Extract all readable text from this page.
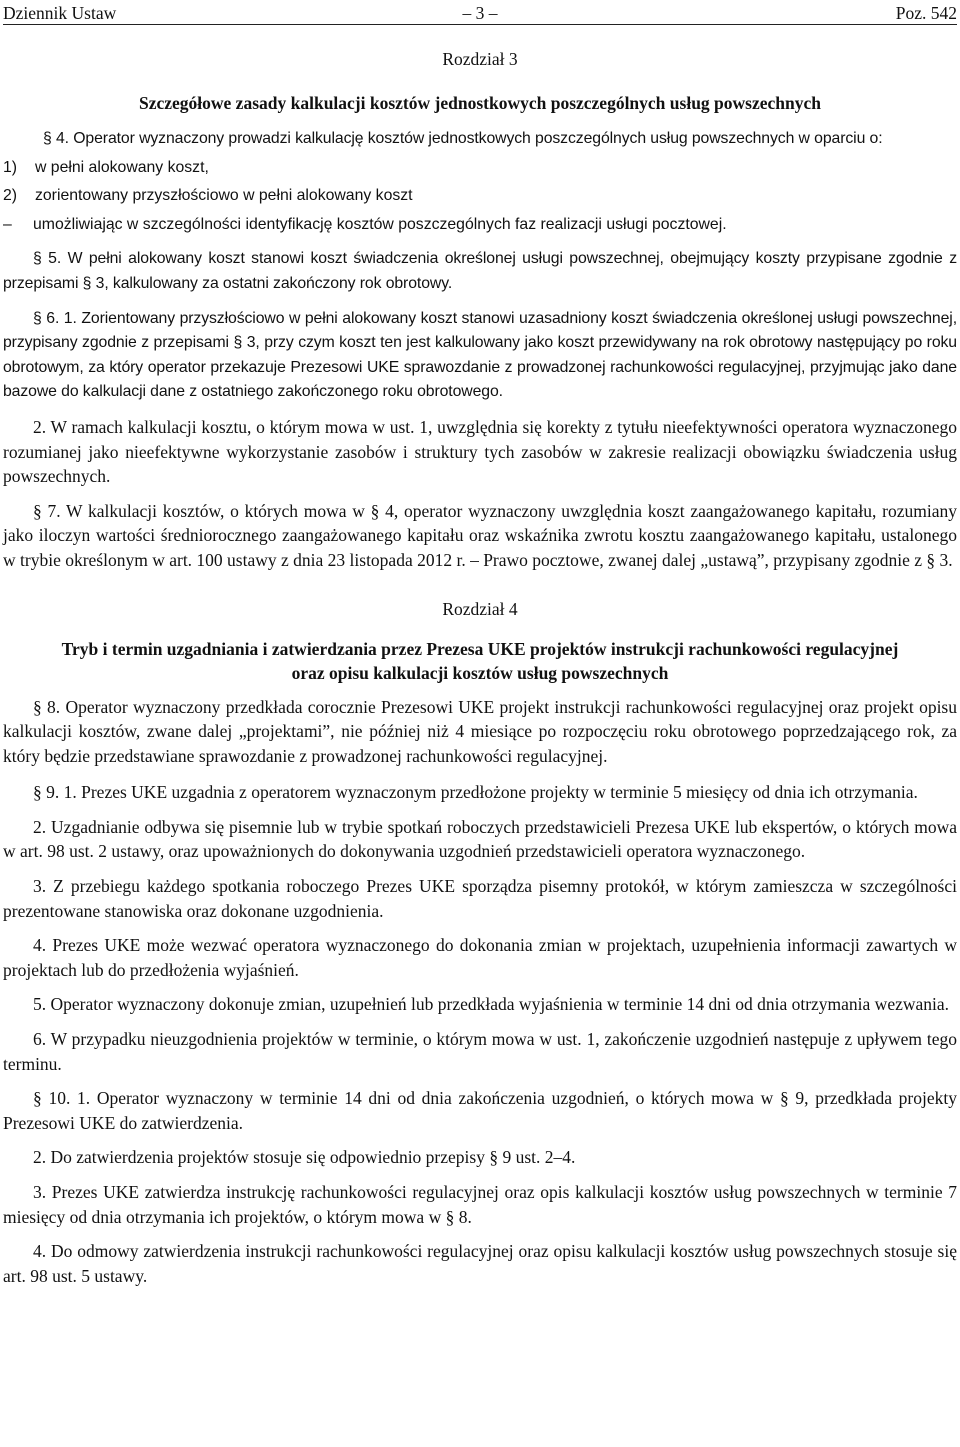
Dziennik Ustaw	– 3 –	Poz. 542
Rozdział 3
Szczegółowe zasady kalkulacji kosztów jednostkowych poszczególnych usług powszechnych

§ 4. Operator wyznaczony prowadzi kalkulację kosztów jednostkowych poszczególnych usług powszechnych w oparciu o:

1) w pełni alokowany koszt,
2) zorientowany przyszłościowo w pełni alokowany koszt
– umożliwiając w szczególności identyfikację kosztów poszczególnych faz realizacji usługi pocztowej.

§ 5. W pełni alokowany koszt stanowi koszt świadczenia określonej usługi powszechnej, obejmujący koszty przypisane zgodnie z przepisami § 3, kalkulowany za ostatni zakończony rok obrotowy.

§ 6. 1. Zorientowany przyszłościowo w pełni alokowany koszt stanowi uzasadniony koszt świadczenia określonej usługi powszechnej, przypisany zgodnie z przepisami § 3, przy czym koszt ten jest kalkulowany jako koszt przewidywany na rok obrotowy następujący po roku obrotowym, za który operator przekazuje Prezesowi UKE sprawozdanie z prowadzonej rachunkowości regulacyjnej, przyjmując jako dane bazowe do kalkulacji dane z ostatniego zakończonego roku obrotowego.

2. W ramach kalkulacji kosztu, o którym mowa w ust. 1, uwzględnia się korekty z tytułu nieefektywności operatora wyznaczonego rozumianej jako nieefektywne wykorzystanie zasobów i struktury tych zasobów w zakresie realizacji obowiązku świadczenia usług powszechnych.

§ 7. W kalkulacji kosztów, o których mowa w § 4, operator wyznaczony uwzględnia koszt zaangażowanego kapitału, rozumiany jako iloczyn wartości średniorocznego zaangażowanego kapitału oraz wskaźnika zwrotu kosztu zaangażowanego kapitału, ustalonego w trybie określonym w art. 100 ustawy z dnia 23 listopada 2012 r. – Prawo pocztowe, zwanej dalej „ustawą”, przypisany zgodnie z § 3.

Rozdział 4
Tryb i termin uzgadniania i zatwierdzania przez Prezesa UKE projektów instrukcji rachunkowości regulacyjnej
oraz opisu kalkulacji kosztów usług powszechnych

§ 8. Operator wyznaczony przedkłada corocznie Prezesowi UKE projekt instrukcji rachunkowości regulacyjnej oraz projekt opisu kalkulacji kosztów, zwane dalej „projektami”, nie później niż 4 miesiące po rozpoczęciu roku obrotowego poprzedzającego rok, za który będzie przedstawiane sprawozdanie z prowadzonej rachunkowości regulacyjnej.

§ 9. 1. Prezes UKE uzgadnia z operatorem wyznaczonym przedłożone projekty w terminie 5 miesięcy od dnia ich otrzymania.

2. Uzgadnianie odbywa się pisemnie lub w trybie spotkań roboczych przedstawicieli Prezesa UKE lub ekspertów, o których mowa w art. 98 ust. 2 ustawy, oraz upoważnionych do dokonywania uzgodnień przedstawicieli operatora wyznaczonego.

3. Z przebiegu każdego spotkania roboczego Prezes UKE sporządza pisemny protokół, w którym zamieszcza w szczególności prezentowane stanowiska oraz dokonane uzgodnienia.

4. Prezes UKE może wezwać operatora wyznaczonego do dokonania zmian w projektach, uzupełnienia informacji zawartych w projektach lub do przedłożenia wyjaśnień.

5. Operator wyznaczony dokonuje zmian, uzupełnień lub przedkłada wyjaśnienia w terminie 14 dni od dnia otrzymania wezwania.

6. W przypadku nieuzgodnienia projektów w terminie, o którym mowa w ust. 1, zakończenie uzgodnień następuje z upływem tego terminu.

§ 10. 1. Operator wyznaczony w terminie 14 dni od dnia zakończenia uzgodnień, o których mowa w § 9, przedkłada projekty Prezesowi UKE do zatwierdzenia.

2. Do zatwierdzenia projektów stosuje się odpowiednio przepisy § 9 ust. 2–4.

3. Prezes UKE zatwierdza instrukcję rachunkowości regulacyjnej oraz opis kalkulacji kosztów usług powszechnych w terminie 7 miesięcy od dnia otrzymania ich projektów, o którym mowa w § 8.

4. Do odmowy zatwierdzenia instrukcji rachunkowości regulacyjnej oraz opisu kalkulacji kosztów usług powszechnych stosuje się art. 98 ust. 5 ustawy.
